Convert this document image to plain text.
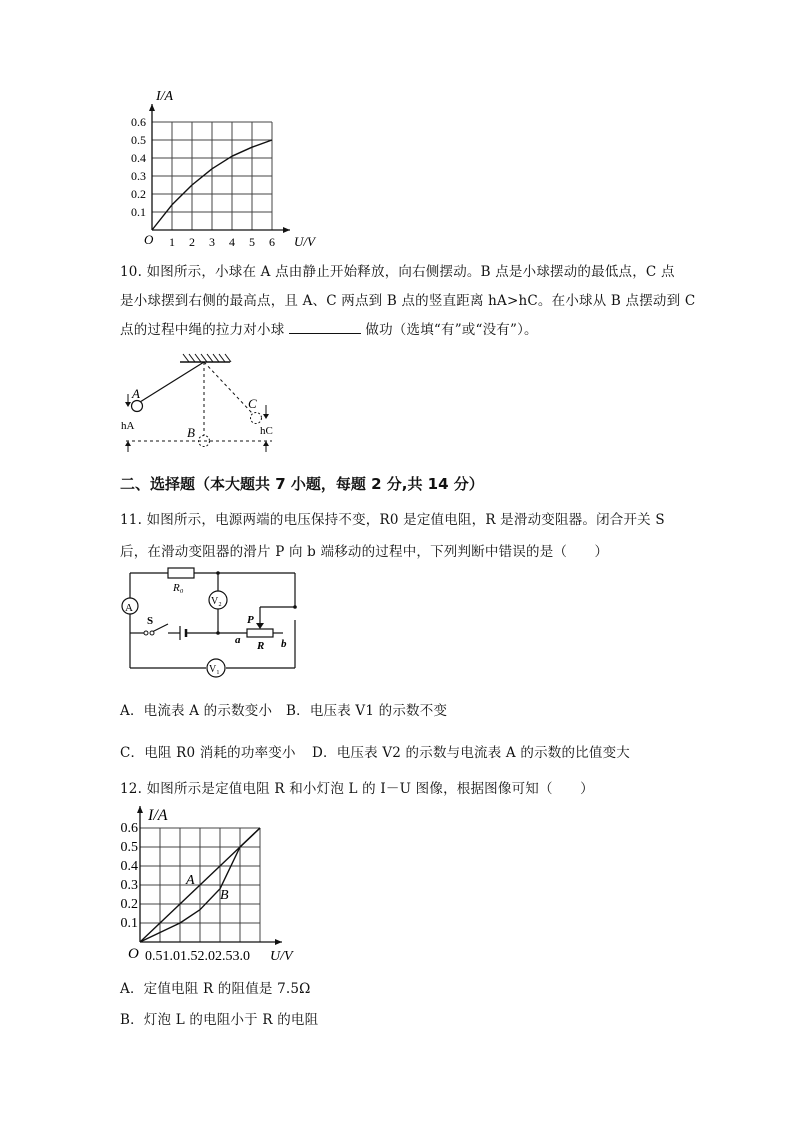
I/A
U/V
O
0.1
0.2
0.3
0.4
0.5
0.6
1 2 3 4 5 6
10. 如图所示，小球在 A 点由静止开始释放，向右侧摆动。B 点是小球摆动的最低点，C 点
是小球摆到右侧的最高点，且 A、C 两点到 B 点的竖直距离 hA>hC。在小球从 B 点摆动到 C
点的过程中绳的拉力对小球	做功（选填“有”或“没有”）。
A
B
C
hA	hC
二、选择题（本大题共 7 小题，每题 2 分,共 14 分）
11. 如图所示，电源两端的电压保持不变，R0 是定值电阻，R 是滑动变阻器。闭合开关 S
后，在滑动变阻器的滑片 P 向 b 端移动的过程中，下列判断中错误的是（　　）
A
V₂
V₁
R₀
S	P
R
a	b
A．电流表 A 的示数变小 B．电压表 V1 的示数不变
C．电阻 R0 消耗的功率变小 D．电压表 V2 的示数与电流表 A 的示数的比值变大
12. 如图所示是定值电阻 R 和小灯泡 L 的 I－U 图像，根据图像可知（　　）
I/A
U/V
O 0.51.01.52.02.53.0
A
B
0.1
0.2
0.3
0.4
0.5
0.6
A．定值电阻 R 的阻值是 7.5Ω
B．灯泡 L 的电阻小于 R 的电阻
